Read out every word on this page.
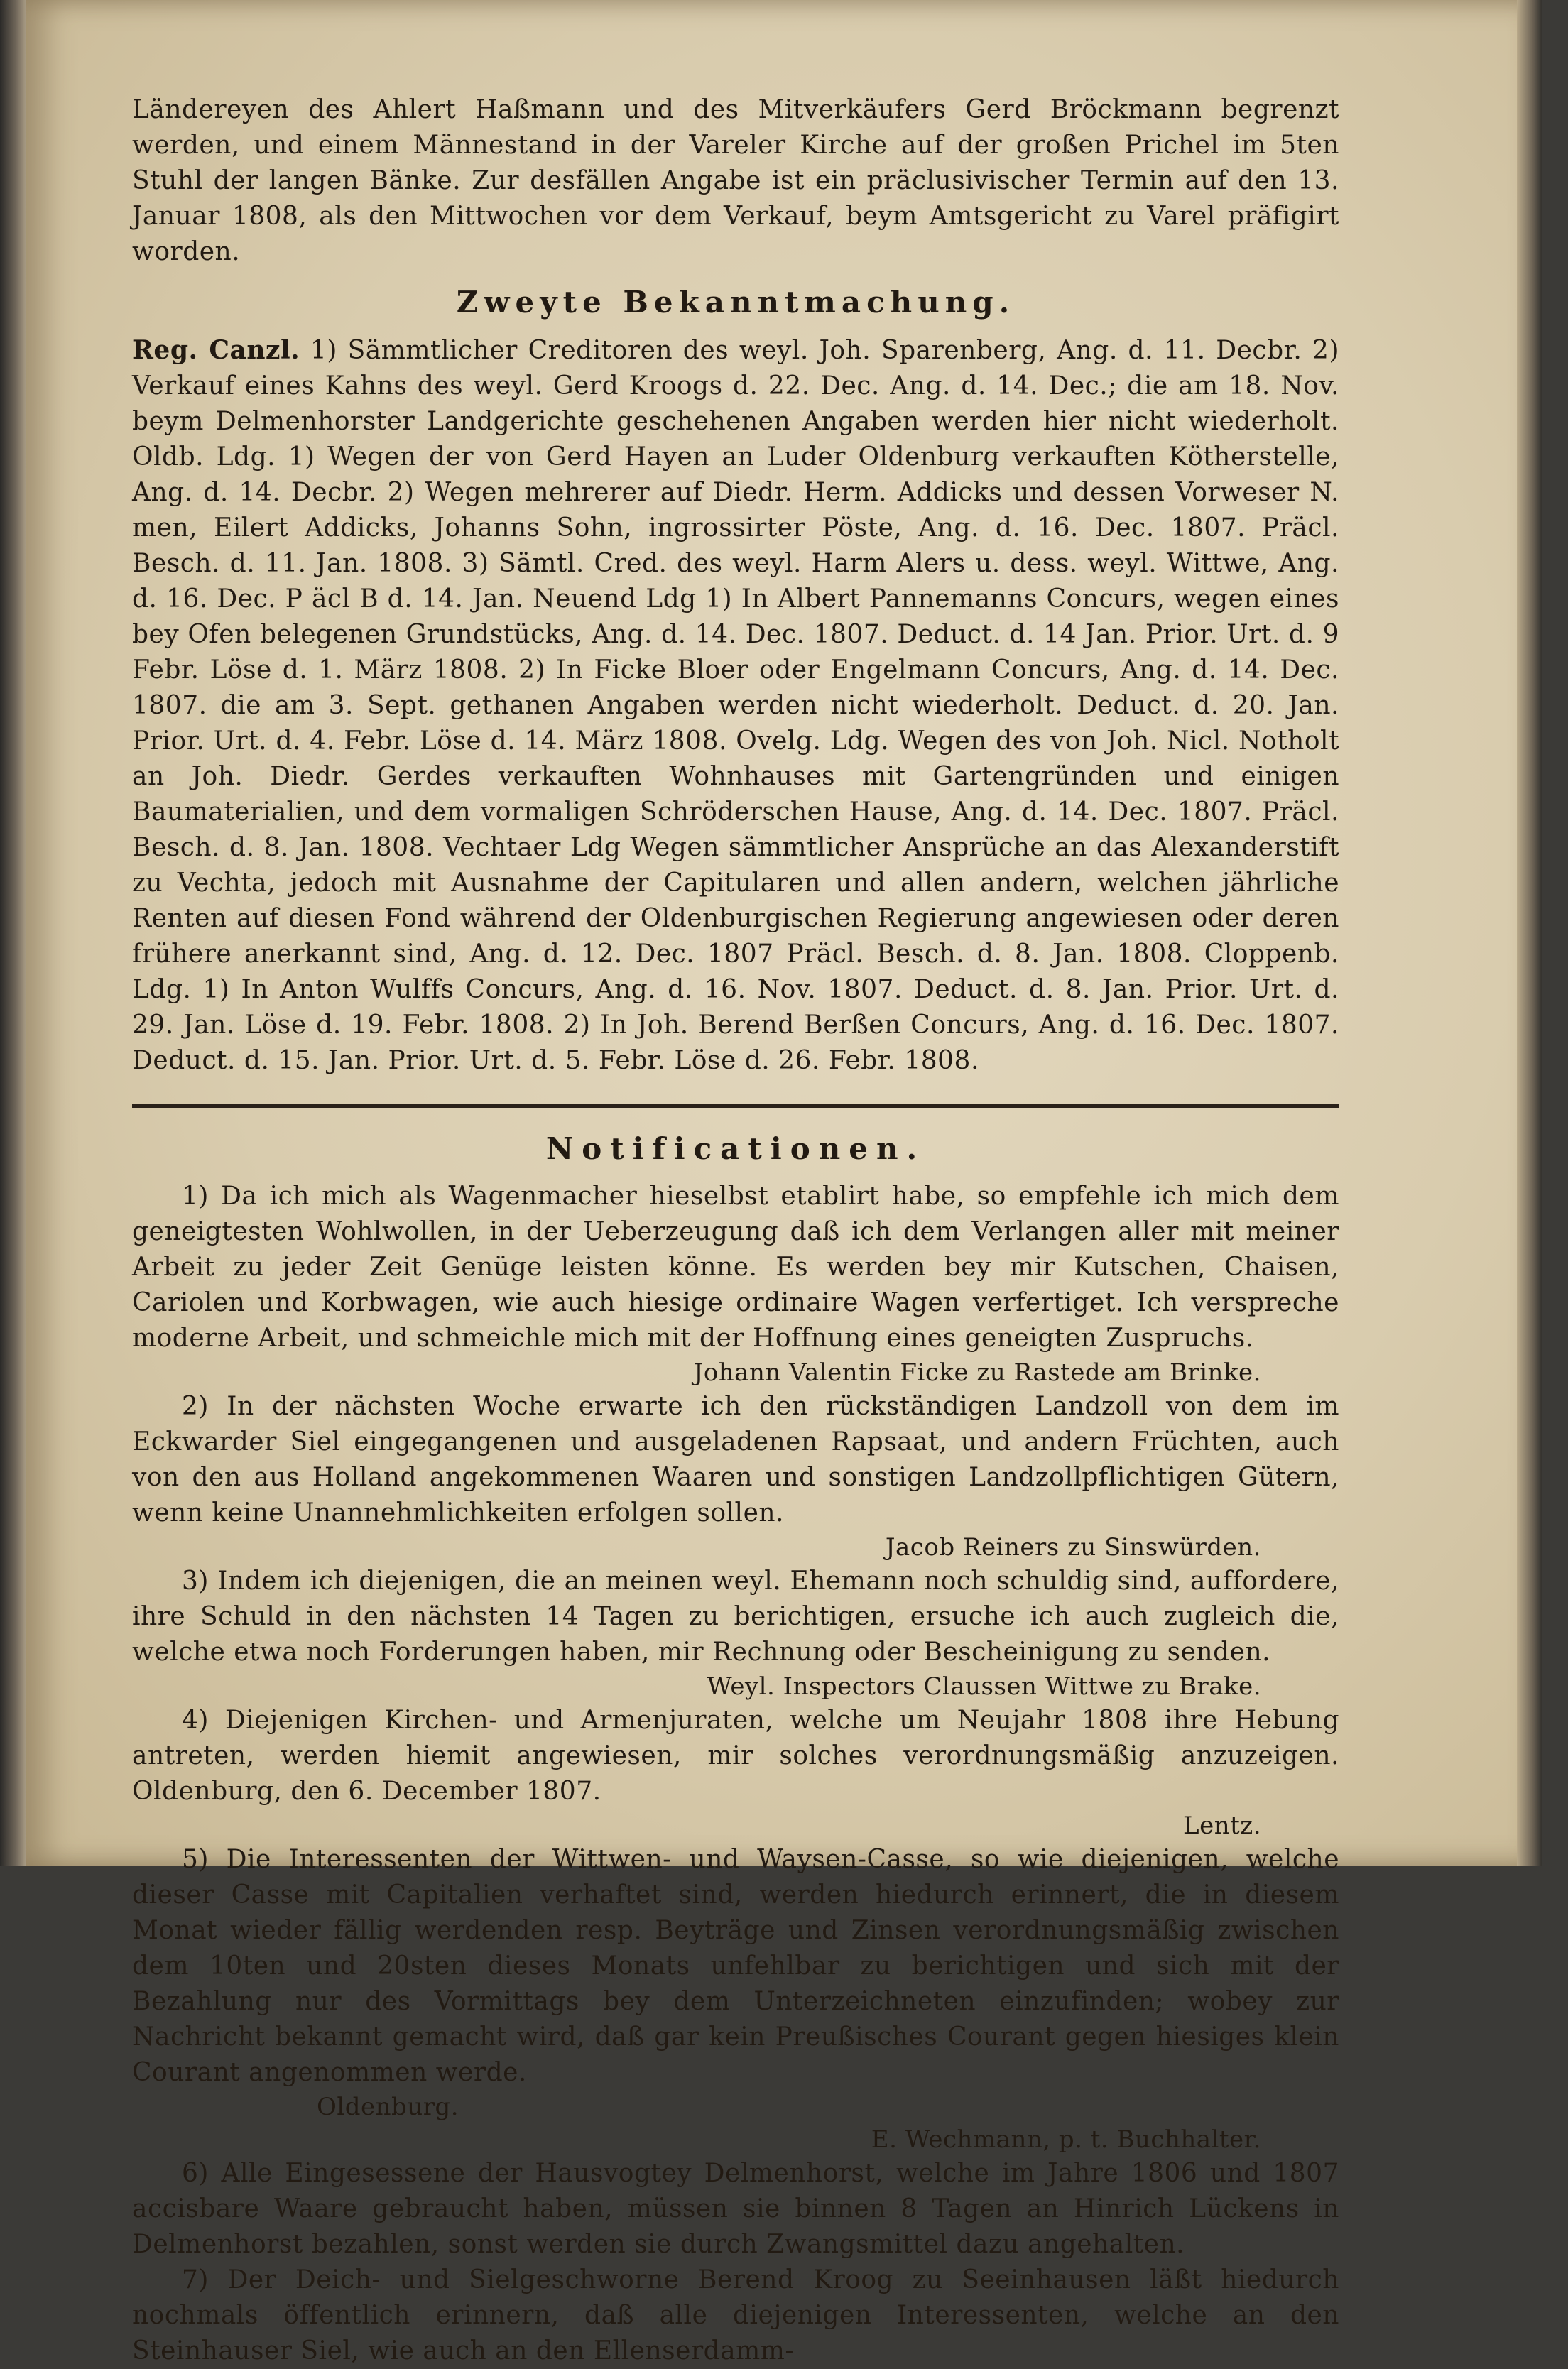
Ländereyen des Ahlert Haßmann und des Mitverkäufers Gerd Bröckmann begrenzt werden, und einem Männestand in der Vareler Kirche auf der großen Prichel im 5ten Stuhl der langen Bänke. Zur desfällen Angabe ist ein präclusivischer Termin auf den 13. Januar 1808, als den Mittwochen vor dem Verkauf, beym Amtsgericht zu Varel präfigirt worden.

Zweyte Bekanntmachung.

Reg. Canzl. 1) Sämmtlicher Creditoren des weyl. Joh. Sparenberg, Ang. d. 11. Decbr. 2) Verkauf eines Kahns des weyl. Gerd Kroogs d. 22. Dec. Ang. d. 14. Dec.; die am 18. Nov. beym Delmenhorster Landgerichte geschehenen Angaben werden hier nicht wiederholt. Oldb. Ldg. 1) Wegen der von Gerd Hayen an Luder Oldenburg verkauften Kötherstelle, Ang. d. 14. Decbr. 2) Wegen mehrerer auf Diedr. Herm. Addicks und dessen Vorweser N. men, Eilert Addicks, Johanns Sohn, ingrossirter Pöste, Ang. d. 16. Dec. 1807. Präcl. Besch. d. 11. Jan. 1808. 3) Sämtl. Cred. des weyl. Harm Alers u. dess. weyl. Wittwe, Ang. d. 16. Dec. P äcl B d. 14. Jan. Neuend Ldg 1) In Albert Pannemanns Concurs, wegen eines bey Ofen belegenen Grundstücks, Ang. d. 14. Dec. 1807. Deduct. d. 14 Jan. Prior. Urt. d. 9 Febr. Löse d. 1. März 1808. 2) In Ficke Bloer oder Engelmann Concurs, Ang. d. 14. Dec. 1807. die am 3. Sept. gethanen Angaben werden nicht wiederholt. Deduct. d. 20. Jan. Prior. Urt. d. 4. Febr. Löse d. 14. März 1808. Ovelg. Ldg. Wegen des von Joh. Nicl. Notholt an Joh. Diedr. Gerdes verkauften Wohnhauses mit Gartengründen und einigen Baumaterialien, und dem vormaligen Schröderschen Hause, Ang. d. 14. Dec. 1807. Präcl. Besch. d. 8. Jan. 1808. Vechtaer Ldg Wegen sämmtlicher Ansprüche an das Alexanderstift zu Vechta, jedoch mit Ausnahme der Capitularen und allen andern, welchen jährliche Renten auf diesen Fond während der Oldenburgischen Regierung angewiesen oder deren frühere anerkannt sind, Ang. d. 12. Dec. 1807 Präcl. Besch. d. 8. Jan. 1808. Cloppenb. Ldg. 1) In Anton Wulffs Concurs, Ang. d. 16. Nov. 1807. Deduct. d. 8. Jan. Prior. Urt. d. 29. Jan. Löse d. 19. Febr. 1808. 2) In Joh. Berend Berßen Concurs, Ang. d. 16. Dec. 1807. Deduct. d. 15. Jan. Prior. Urt. d. 5. Febr. Löse d. 26. Febr. 1808.

Notificationen.

1) Da ich mich als Wagenmacher hieselbst etablirt habe, so empfehle ich mich dem geneigtesten Wohlwollen, in der Ueberzeugung daß ich dem Verlangen aller mit meiner Arbeit zu jeder Zeit Genüge leisten könne. Es werden bey mir Kutschen, Chaisen, Cariolen und Korbwagen, wie auch hiesige ordinaire Wagen verfertiget. Ich verspreche moderne Arbeit, und schmeichle mich mit der Hoffnung eines geneigten Zuspruchs.

Johann Valentin Ficke zu Rastede am Brinke.

2) In der nächsten Woche erwarte ich den rückständigen Landzoll von dem im Eckwarder Siel eingegangenen und ausgeladenen Rapsaat, und andern Früchten, auch von den aus Holland angekommenen Waaren und sonstigen Landzollpflichtigen Gütern, wenn keine Unannehmlichkeiten erfolgen sollen.

Jacob Reiners zu Sinswürden.

3) Indem ich diejenigen, die an meinen weyl. Ehemann noch schuldig sind, auffordere, ihre Schuld in den nächsten 14 Tagen zu berichtigen, ersuche ich auch zugleich die, welche etwa noch Forderungen haben, mir Rechnung oder Bescheinigung zu senden.

Weyl. Inspectors Claussen Wittwe zu Brake.

4) Diejenigen Kirchen- und Armenjuraten, welche um Neujahr 1808 ihre Hebung antreten, werden hiemit angewiesen, mir solches verordnungsmäßig anzuzeigen. Oldenburg, den 6. December 1807.

Lentz.

5) Die Interessenten der Wittwen- und Waysen-Casse, so wie diejenigen, welche dieser Casse mit Capitalien verhaftet sind, werden hiedurch erinnert, die in diesem Monat wieder fällig werdenden resp. Beyträge und Zinsen verordnungsmäßig zwischen dem 10ten und 20sten dieses Monats unfehlbar zu berichtigen und sich mit der Bezahlung nur des Vormittags bey dem Unterzeichneten einzufinden; wobey zur Nachricht bekannt gemacht wird, daß gar kein Preußisches Courant gegen hiesiges klein Courant angenommen werde.

Oldenburg.

E. Wechmann, p. t. Buchhalter.

6) Alle Eingesessene der Hausvogtey Delmenhorst, welche im Jahre 1806 und 1807 accisbare Waare gebraucht haben, müssen sie binnen 8 Tagen an Hinrich Lückens in Delmenhorst bezahlen, sonst werden sie durch Zwangsmittel dazu angehalten.

7) Der Deich- und Sielgeschworne Berend Kroog zu Seeinhausen läßt hiedurch nochmals öffentlich erinnern, daß alle diejenigen Interessenten, welche an den Steinhauser Siel, wie auch an den Ellenserdamm-
